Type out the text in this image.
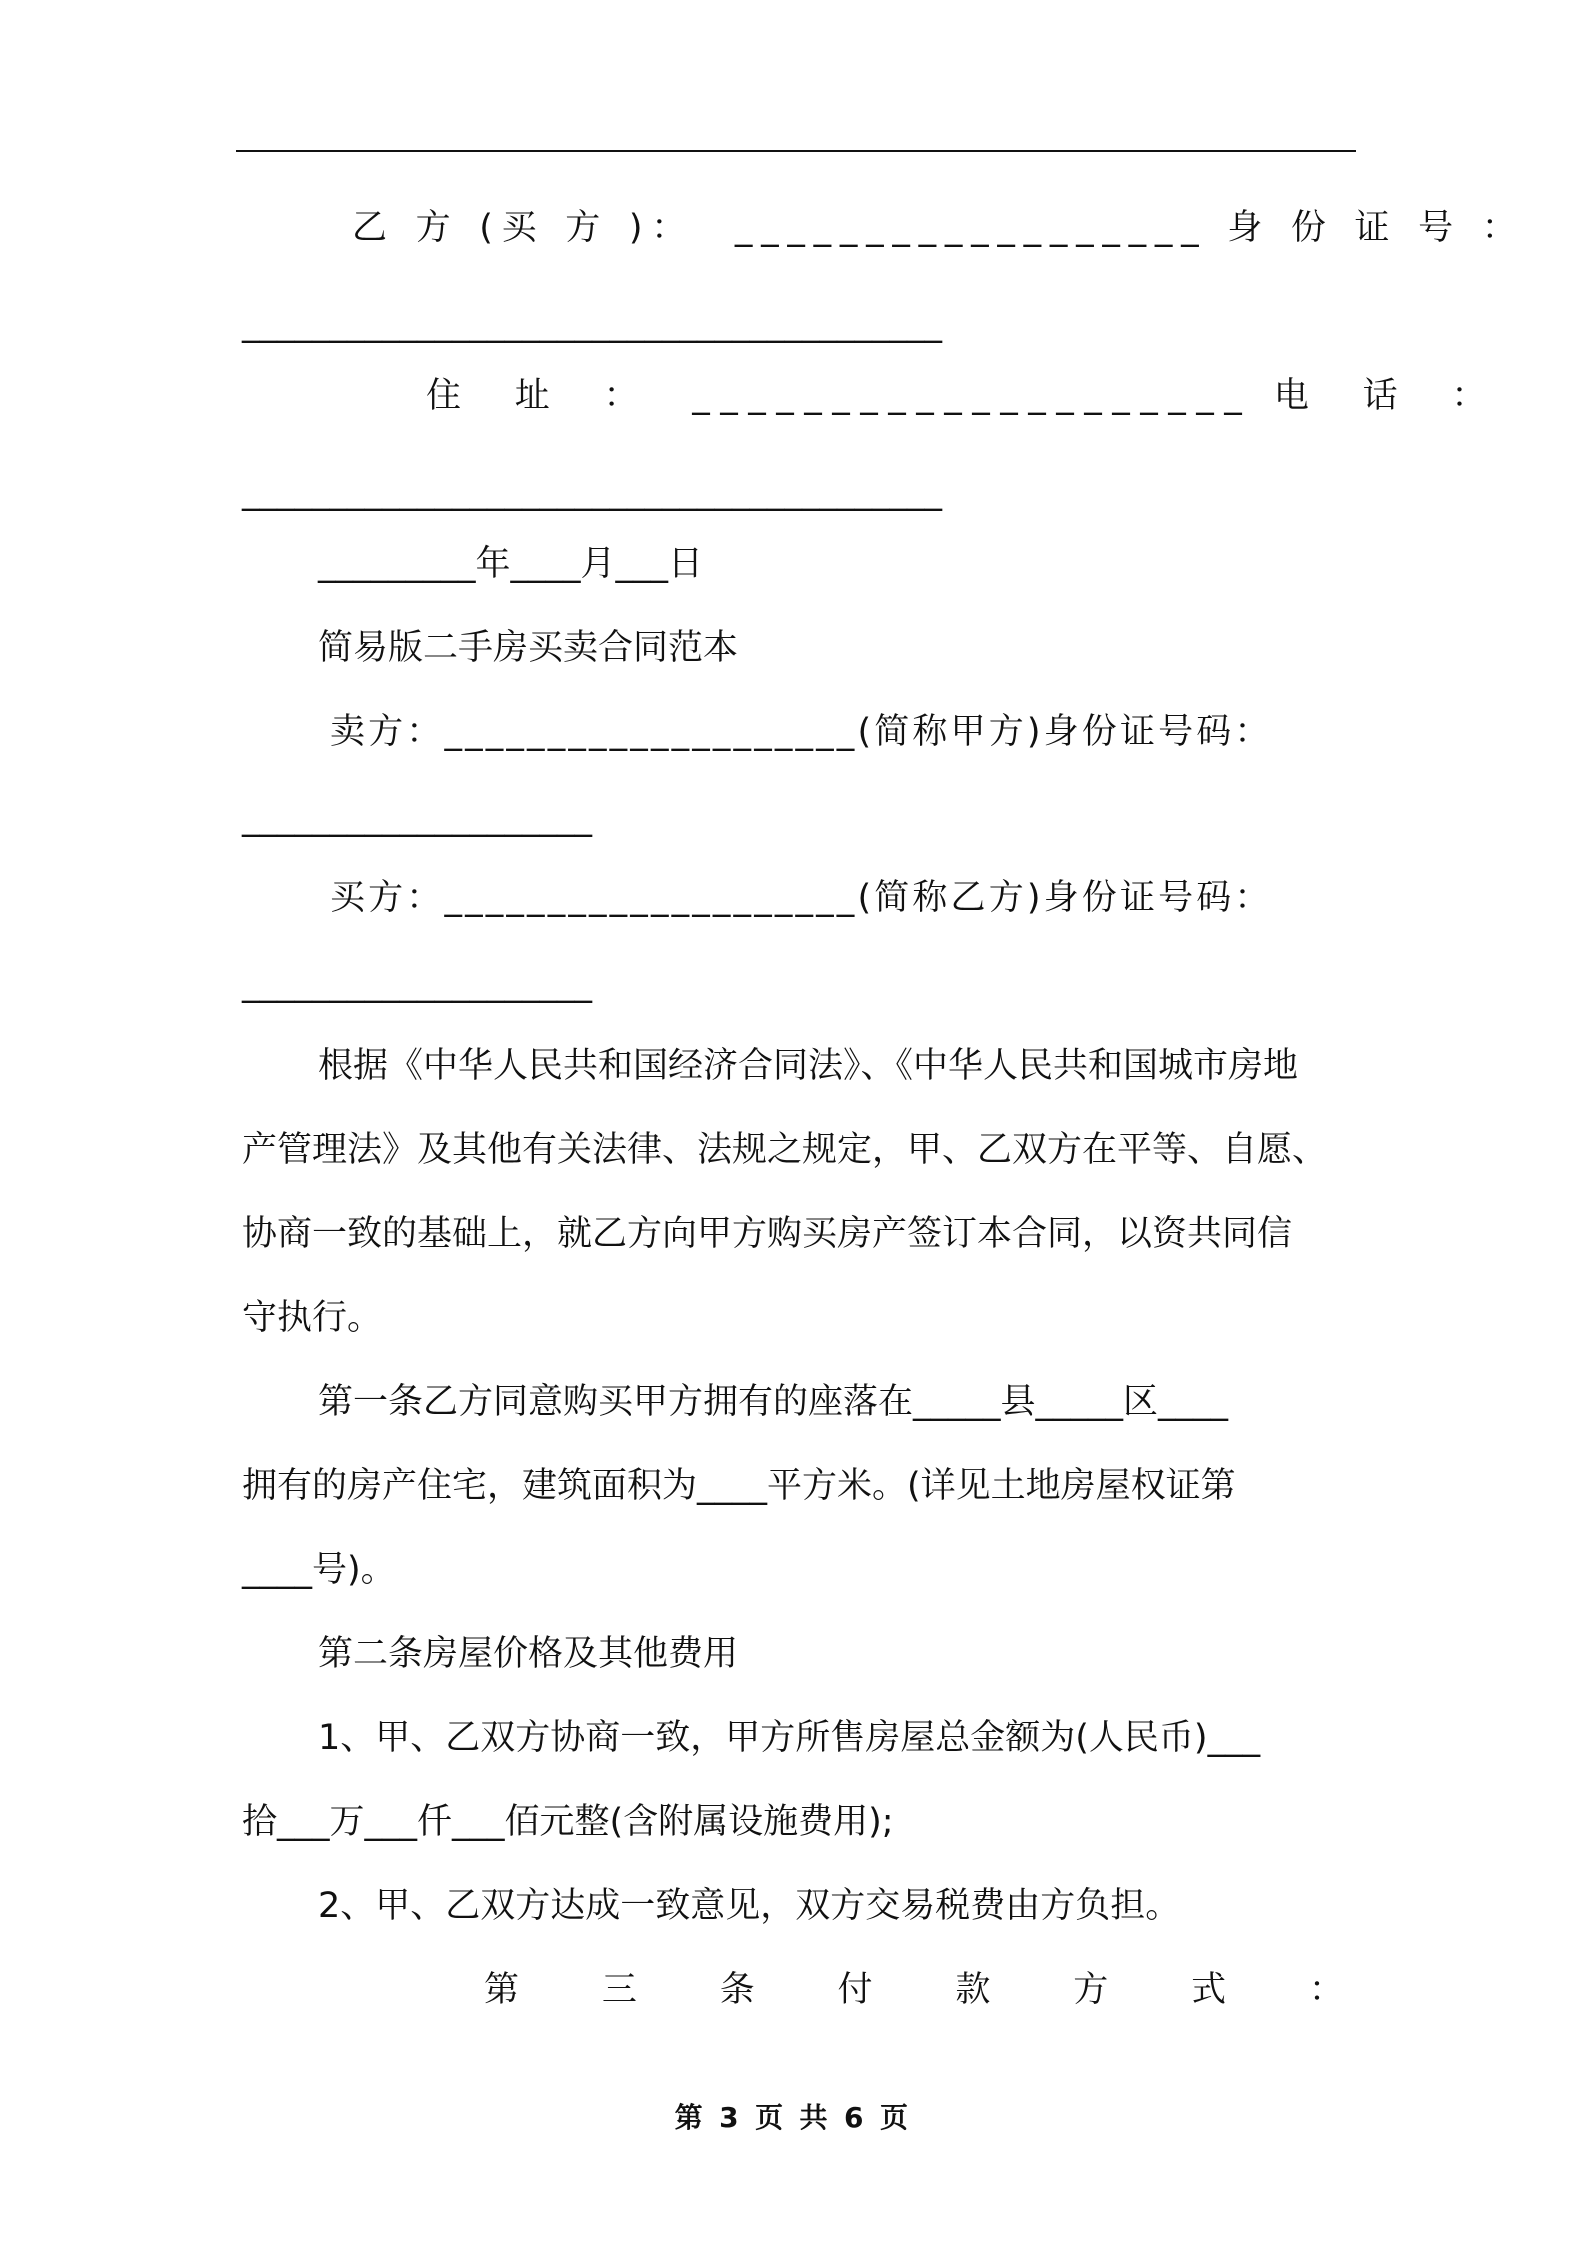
乙 方 (买 方 )：  __________________ 身 份 证 号 ：
________________________________________
住  址  ：  ____________________ 电  话  ：
________________________________________
_________年____月___日
简易版二手房买卖合同范本
卖方：____________________(简称甲方)身份证号码：
____________________
买方：____________________(简称乙方)身份证号码：
____________________
根据《中华人民共和国经济合同法》、《中华人民共和国城市房地
产管理法》及其他有关法律、法规之规定，甲、乙双方在平等、自愿、
协商一致的基础上，就乙方向甲方购买房产签订本合同，以资共同信
守执行。
第一条乙方同意购买甲方拥有的座落在_____县_____区____
拥有的房产住宅，建筑面积为____平方米。(详见土地房屋权证第
____号)。
第二条房屋价格及其他费用
1、甲、乙双方协商一致，甲方所售房屋总金额为(人民币)___
拾___万___仟___佰元整(含附属设施费用);
2、甲、乙双方达成一致意见，双方交易税费由方负担。
第 三 条 付 款 方 式 ：
第 3 页 共 6 页
